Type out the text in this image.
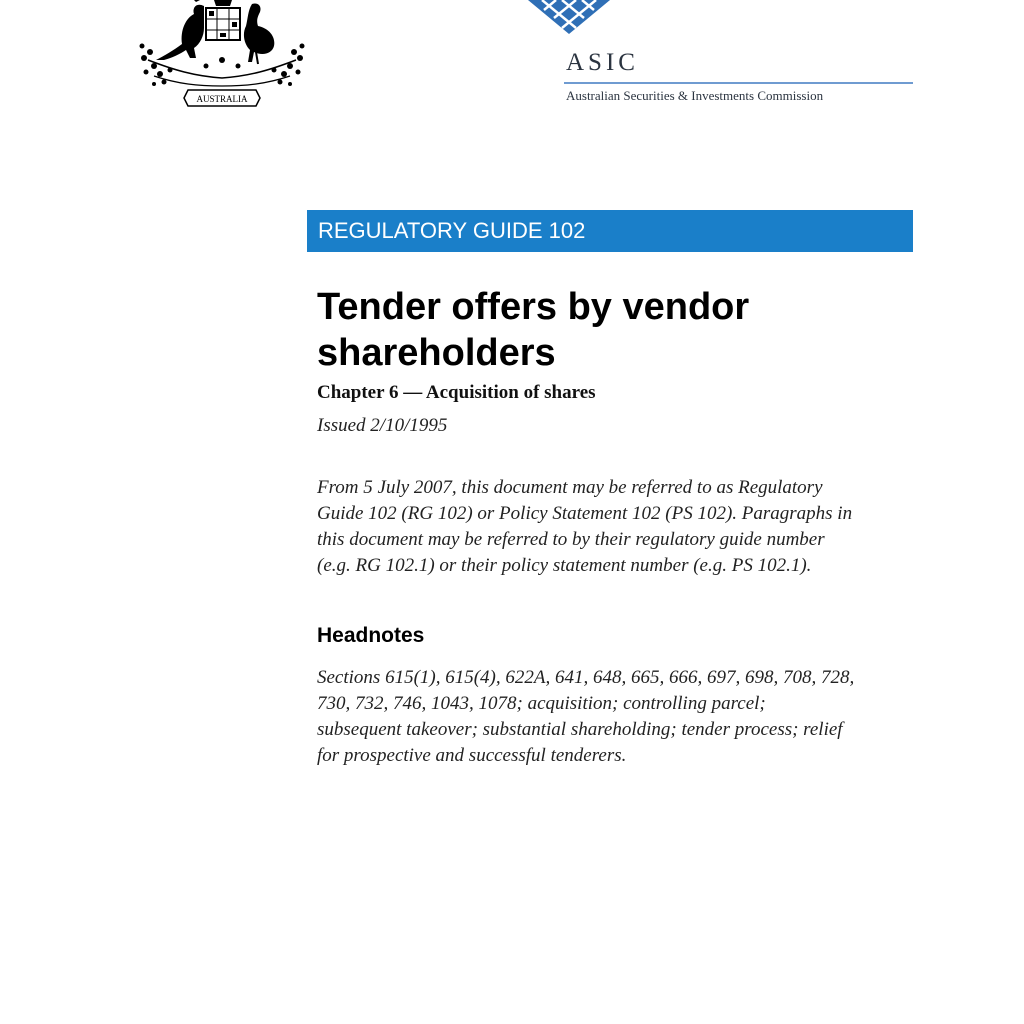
AUSTRALIA
ASIC
Australian Securities & Investments Commission
REGULATORY GUIDE 102
Tender offers by vendor
shareholders
Chapter 6 — Acquisition of shares
Issued 2/10/1995
From 5 July 2007, this document may be referred to as Regulatory
Guide 102 (RG 102) or Policy Statement 102 (PS 102). Paragraphs in
this document may be referred to by their regulatory guide number
(e.g. RG 102.1) or their policy statement number (e.g. PS 102.1).
Headnotes
Sections 615(1), 615(4), 622A, 641, 648, 665, 666, 697, 698, 708, 728,
730, 732, 746, 1043, 1078; acquisition; controlling parcel;
subsequent takeover; substantial shareholding; tender process; relief
for prospective and successful tenderers.
